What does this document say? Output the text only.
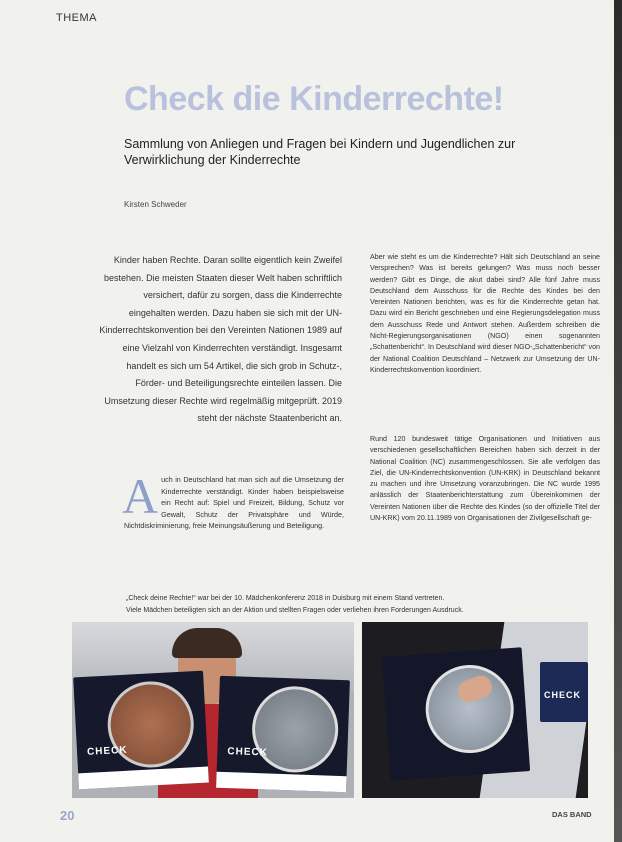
THEMA
Check die Kinderrechte!
Sammlung von Anliegen und Fragen bei Kindern und Jugendlichen zur Verwirklichung der Kinderrechte
Kirsten Schweder
Kinder haben Rechte. Daran sollte eigentlich kein Zweifel bestehen. Die meisten Staaten dieser Welt haben schriftlich versichert, dafür zu sorgen, dass die Kinderrechte eingehalten werden. Dazu haben sie sich mit der UN-Kinderrechtskonvention bei den Vereinten Nationen 1989 auf eine Vielzahl von Kinderrechten verständigt. Insgesamt handelt es sich um 54 Artikel, die sich grob in Schutz-, Förder- und Beteiligungsrechte einteilen lassen. Die Umsetzung dieser Rechte wird regelmäßig mitgeprüft. 2019 steht der nächste Staatenbericht an.
Auch in Deutschland hat man sich auf die Umsetzung der Kinderrechte verständigt. Kinder haben beispielsweise ein Recht auf: Spiel und Freizeit, Bildung, Schutz vor Gewalt, Schutz der Privatsphäre und Würde, Nichtdiskriminierung, freie Meinungsäußerung und Beteiligung.

Aber wie steht es um die Kinderrechte? Hält sich Deutschland an seine Versprechen? Was ist bereits gelungen? Was muss noch besser werden? Gibt es Dinge, die akut dabei sind? Alle fünf Jahre muss Deutschland dem Ausschuss für die Rechte des Kindes bei den Vereinten Nationen berichten, was es für die Kinderrechte getan hat. Dazu wird ein Bericht geschrieben und eine Regierungsdelegation muss dem Ausschuss Rede und Antwort stehen. Außerdem schreiben die Nicht-Regierungsorganisationen (NGO) einen sogenannten „Schattenbericht“. In Deutschland wird dieser NGO-„Schattenbericht“ von der National Coalition Deutschland – Netzwerk zur Umsetzung der UN-Kinderrechtskonvention koordiniert.

Rund 120 bundesweit tätige Organisationen und Initiativen aus verschiedenen gesellschaftlichen Bereichen haben sich derzeit in der National Coalition (NC) zusammengeschlossen. Sie alle verfolgen das Ziel, die UN-Kinderrechtskonvention (UN-KRK) in Deutschland bekannt zu machen und ihre Umsetzung voranzubringen. Die NC wurde 1995 anlässlich der Staatenberichterstattung zum Übereinkommen der Vereinten Nationen über die Rechte des Kindes (so der offizielle Titel der UN-KRK) vom 20.11.1989 von Organisationen der Zivilgesellschaft ge-

„Check deine Rechte!“ war bei der 10. Mädchenkonferenz 2018 in Duisburg mit einem Stand vertreten.
Viele Mädchen beteiligten sich an der Aktion und stellten Fragen oder verliehen ihren Forderungen Ausdruck.
CHECK	CHECK
CHECK
20	DAS BAND
